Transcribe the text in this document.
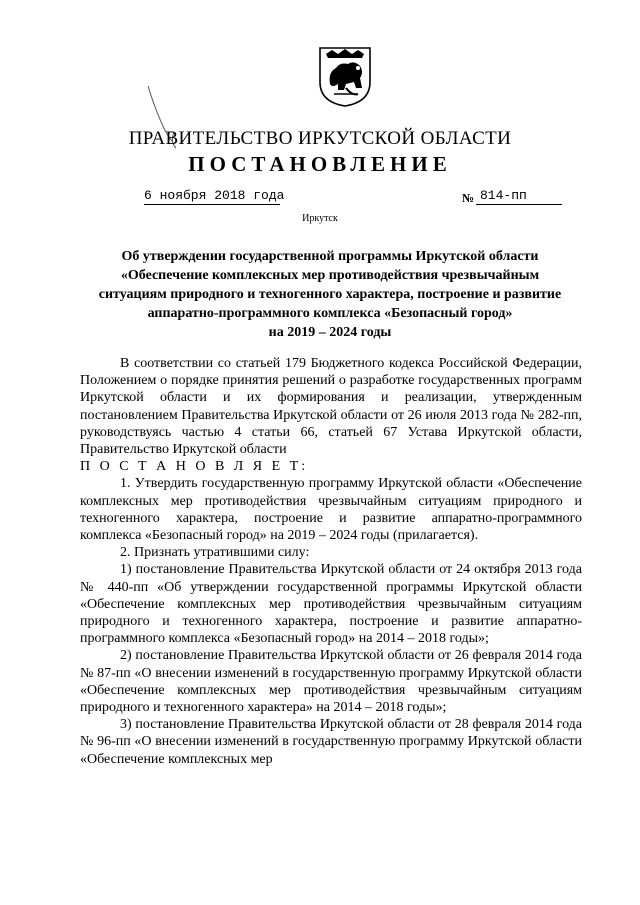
ПРАВИТЕЛЬСТВО ИРКУТСКОЙ ОБЛАСТИ
ПОСТАНОВЛЕНИЕ
6 ноября 2018 года	№ 814-пп
Иркутск
Об утверждении государственной программы Иркутской области
«Обеспечение комплексных мер противодействия чрезвычайным
ситуациям природного и техногенного характера, построение и развитие
аппаратно-программного комплекса «Безопасный город»
на 2019 – 2024 годы

В соответствии со статьей 179 Бюджетного кодекса Российской Федерации, Положением о порядке принятия решений о разработке государственных программ Иркутской области и их формирования и реализации, утвержденным постановлением Правительства Иркутской области от 26 июля 2013 года № 282-пп, руководствуясь частью 4 статьи 66, статьей 67 Устава Иркутской области, Правительство Иркутской области

П О С Т А Н О В Л Я Е Т:

1. Утвердить государственную программу Иркутской области «Обеспечение комплексных мер противодействия чрезвычайным ситуациям природного и техногенного характера, построение и развитие аппаратно-программного комплекса «Безопасный город» на 2019 – 2024 годы (прилагается).

2. Признать утратившими силу:

1) постановление Правительства Иркутской области от 24 октября 2013 года № 440-пп «Об утверждении государственной программы Иркутской области «Обеспечение комплексных мер противодействия чрезвычайным ситуациям природного и техногенного характера, построение и развитие аппаратно-программного комплекса «Безопасный город» на 2014 – 2018 годы»;

2) постановление Правительства Иркутской области от 26 февраля 2014 года № 87-пп «О внесении изменений в государственную программу Иркутской области «Обеспечение комплексных мер противодействия чрезвычайным ситуациям природного и техногенного характера» на 2014 – 2018 годы»;

3) постановление Правительства Иркутской области от 28 февраля 2014 года № 96-пп «О внесении изменений в государственную программу Иркутской области «Обеспечение комплексных мер
